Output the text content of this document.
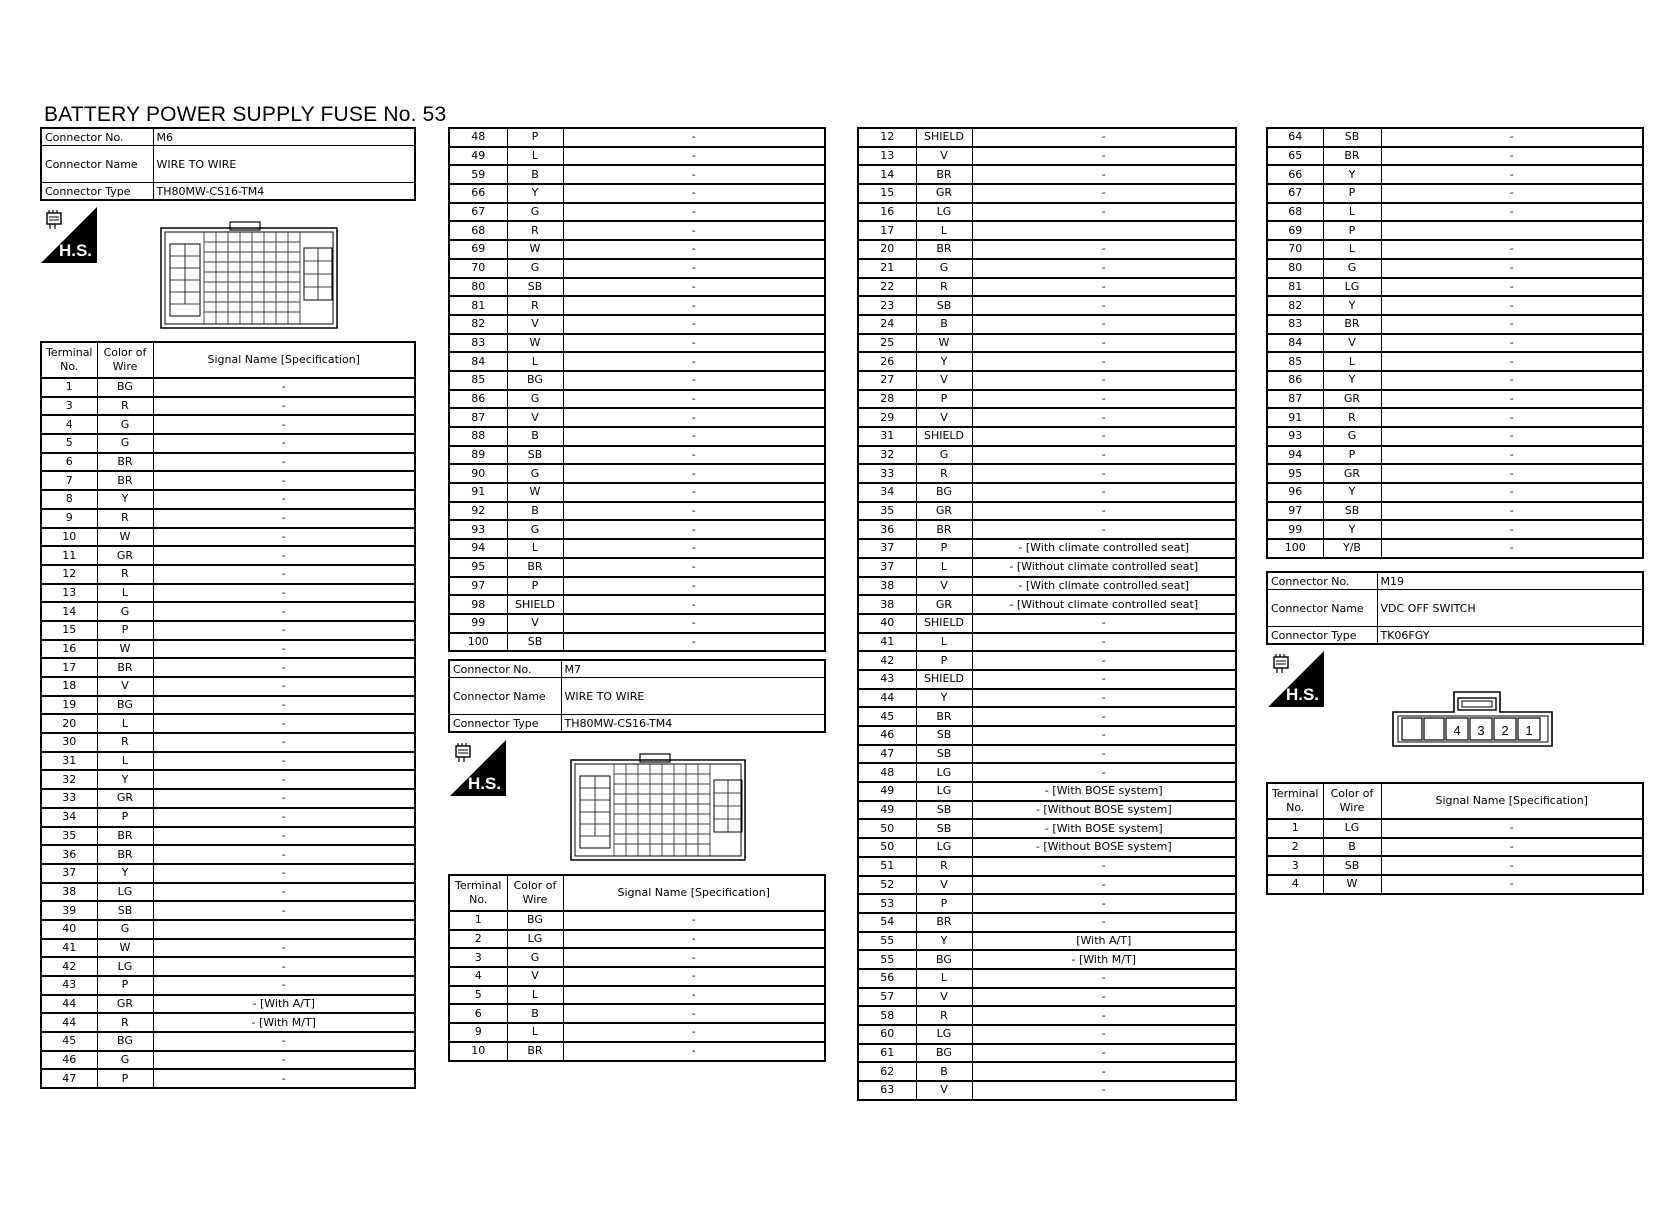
BATTERY POWER SUPPLY FUSE No. 53
Connector No.	M6
Connector Name	WIRE TO WIRE
Connector Type	TH80MW-CS16-TM4
H.S.
Terminal No.	Color of Wire	Signal Name [Specification]
1	BG	-
3	R	-
4	G	-
5	G	-
6	BR	-
7	BR	-
8	Y	-
9	R	-
10	W	-
11	GR	-
12	R	-
13	L	-
14	G	-
15	P	-
16	W	-
17	BR	-
18	V	-
19	BG	-
20	L	-
30	R	-
31	L	-
32	Y	-
33	GR	-
34	P	-
35	BR	-
36	BR	-
37	Y	-
38	LG	-
39	SB	-
40	G	
41	W	-
42	LG	-
43	P	-
44	GR	- [With A/T]
44	R	- [With M/T]
45	BG	-
46	G	-
47	P	-
48	P	-
49	L	-
59	B	-
66	Y	-
67	G	-
68	R	-
69	W	-
70	G	-
80	SB	-
81	R	-
82	V	-
83	W	-
84	L	-
85	BG	-
86	G	-
87	V	-
88	B	-
89	SB	-
90	G	-
91	W	-
92	B	-
93	G	-
94	L	-
95	BR	-
97	P	-
98	SHIELD	-
99	V	-
100	SB	-
Connector No.	M7
Connector Name	WIRE TO WIRE
Connector Type	TH80MW-CS16-TM4
H.S.
Terminal No.	Color of Wire	Signal Name [Specification]
1	BG	-
2	LG	-
3	G	-
4	V	-
5	L	-
6	B	-
9	L	-
10	BR	-
12	SHIELD	-
13	V	-
14	BR	-
15	GR	-
16	LG	-
17	L	
20	BR	-
21	G	-
22	R	-
23	SB	-
24	B	-
25	W	-
26	Y	-
27	V	-
28	P	-
29	V	-
31	SHIELD	-
32	G	-
33	R	-
34	BG	-
35	GR	-
36	BR	-
37	P	- [With climate controlled seat]
37	L	- [Without climate controlled seat]
38	V	- [With climate controlled seat]
38	GR	- [Without climate controlled seat]
40	SHIELD	-
41	L	-
42	P	-
43	SHIELD	-
44	Y	-
45	BR	-
46	SB	-
47	SB	-
48	LG	-
49	LG	- [With BOSE system]
49	SB	- [Without BOSE system]
50	SB	- [With BOSE system]
50	LG	- [Without BOSE system]
51	R	-
52	V	-
53	P	-
54	BR	-
55	Y	[With A/T]
55	BG	- [With M/T]
56	L	-
57	V	-
58	R	-
60	LG	-
61	BG	-
62	B	-
63	V	-
64	SB	-
65	BR	-
66	Y	-
67	P	-
68	L	-
69	P	
70	L	-
80	G	-
81	LG	-
82	Y	-
83	BR	-
84	V	-
85	L	-
86	Y	-
87	GR	-
91	R	-
93	G	-
94	P	-
95	GR	-
96	Y	-
97	SB	-
99	Y	-
100	Y/B	-
Connector No.	M19
Connector Name	VDC OFF SWITCH
Connector Type	TK06FGY
H.S.
4 3 2 1
Terminal No.	Color of Wire	Signal Name [Specification]
1	LG	-
2	B	-
3	SB	-
4	W	-
